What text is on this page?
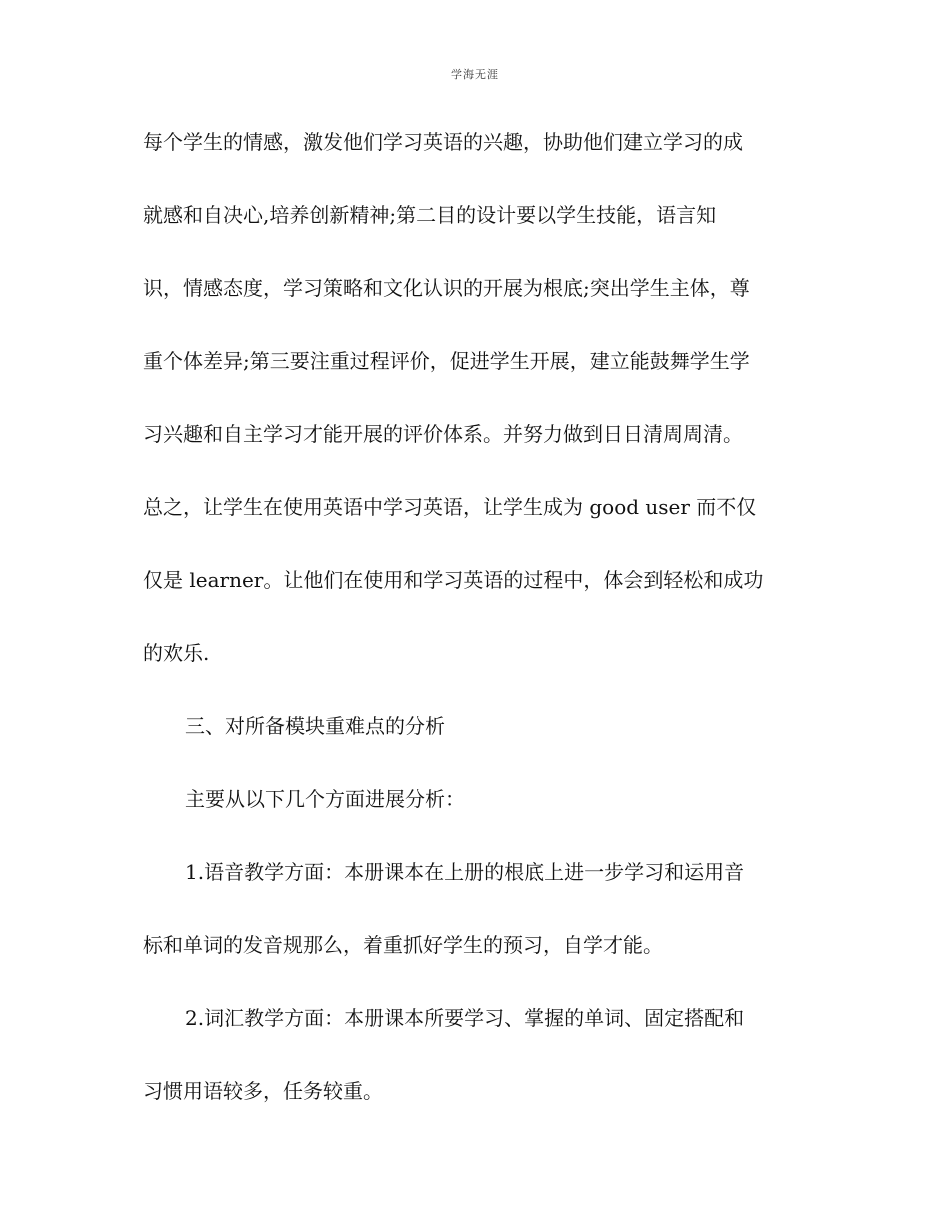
学海无涯
每个学生的情感，激发他们学习英语的兴趣，协助他们建立学习的成
就感和自决心,培养创新精神;第二目的设计要以学生技能，语言知
识，情感态度，学习策略和文化认识的开展为根底;突出学生主体，尊
重个体差异;第三要注重过程评价，促进学生开展，建立能鼓舞学生学
习兴趣和自主学习才能开展的评价体系。并努力做到日日清周周清。
总之，让学生在使用英语中学习英语，让学生成为 good user 而不仅
仅是 learner。让他们在使用和学习英语的过程中，体会到轻松和成功
的欢乐.
三、对所备模块重难点的分析
主要从以下几个方面进展分析：
1.语音教学方面：本册课本在上册的根底上进一步学习和运用音
标和单词的发音规那么，着重抓好学生的预习，自学才能。
2.词汇教学方面：本册课本所要学习、掌握的单词、固定搭配和
习惯用语较多，任务较重。
